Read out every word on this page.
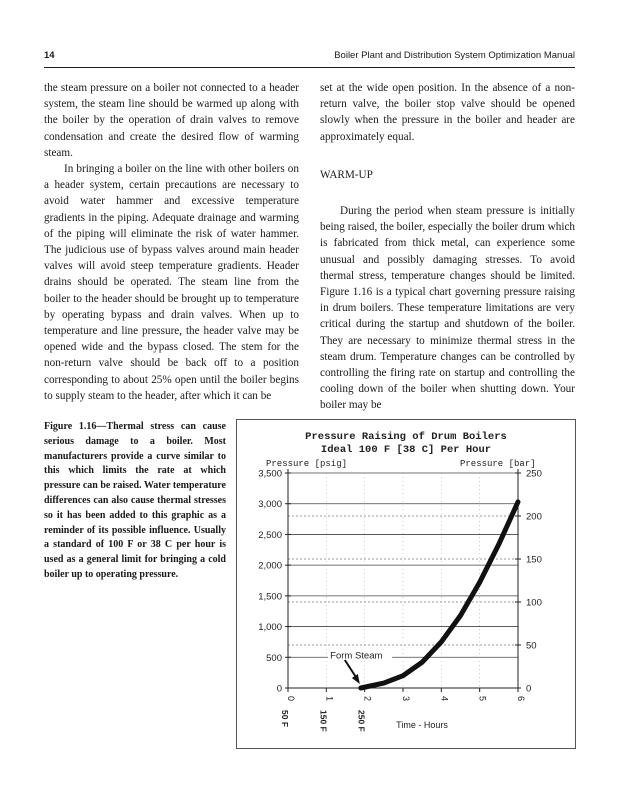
14	Boiler Plant and Distribution System Optimization Manual

the steam pressure on a boiler not connected to a header system, the steam line should be warmed up along with the boiler by the operation of drain valves to remove condensation and create the desired flow of warming steam.

In bringing a boiler on the line with other boilers on a header system, certain precautions are necessary to avoid water hammer and excessive temperature gradients in the piping. Adequate drainage and warming of the piping will eliminate the risk of water hammer. The judicious use of bypass valves around main header valves will avoid steep temperature gradients. Header drains should be operated. The steam line from the boiler to the header should be brought up to temperature by operating bypass and drain valves. When up to temperature and line pressure, the header valve may be opened wide and the bypass closed. The stem for the non-return valve should be back off to a position corresponding to about 25% open until the boiler begins to supply steam to the header, after which it can be

set at the wide open position. In the absence of a non-return valve, the boiler stop valve should be opened slowly when the pressure in the boiler and header are approximately equal.

WARM-UP

During the period when steam pressure is initially being raised, the boiler, especially the boiler drum which is fabricated from thick metal, can experience some unusual and possibly damaging stresses. To avoid thermal stress, temperature changes should be limited. Figure 1.16 is a typical chart governing pressure raising in drum boilers. These temperature limitations are very critical during the startup and shutdown of the boiler. They are necessary to minimize thermal stress in the steam drum. Temperature changes can be controlled by controlling the firing rate on startup and controlling the cooling down of the boiler when shutting down. Your boiler may be

Figure 1.16—Thermal stress can cause serious damage to a boiler. Most manufacturers provide a curve similar to this which limits the rate at which pressure can be raised. Water temperature differences can also cause thermal stresses so it has been added to this graphic as a reminder of its possible influence. Usually a standard of 100 F or 38 C per hour is used as a general limit for bringing a cold boiler up to operating pressure.
Pressure Raising of Drum Boilers
Ideal 100 F [38 C] Per Hour
Pressure [psig]	Pressure [bar]
0
500
1,000
1,500
2,000
2,500
3,000
3,500
0
50
100
150
200
250
0	1	2	3	4	5	6
50 F	150 F	250 F
Form Steam
Time - Hours
